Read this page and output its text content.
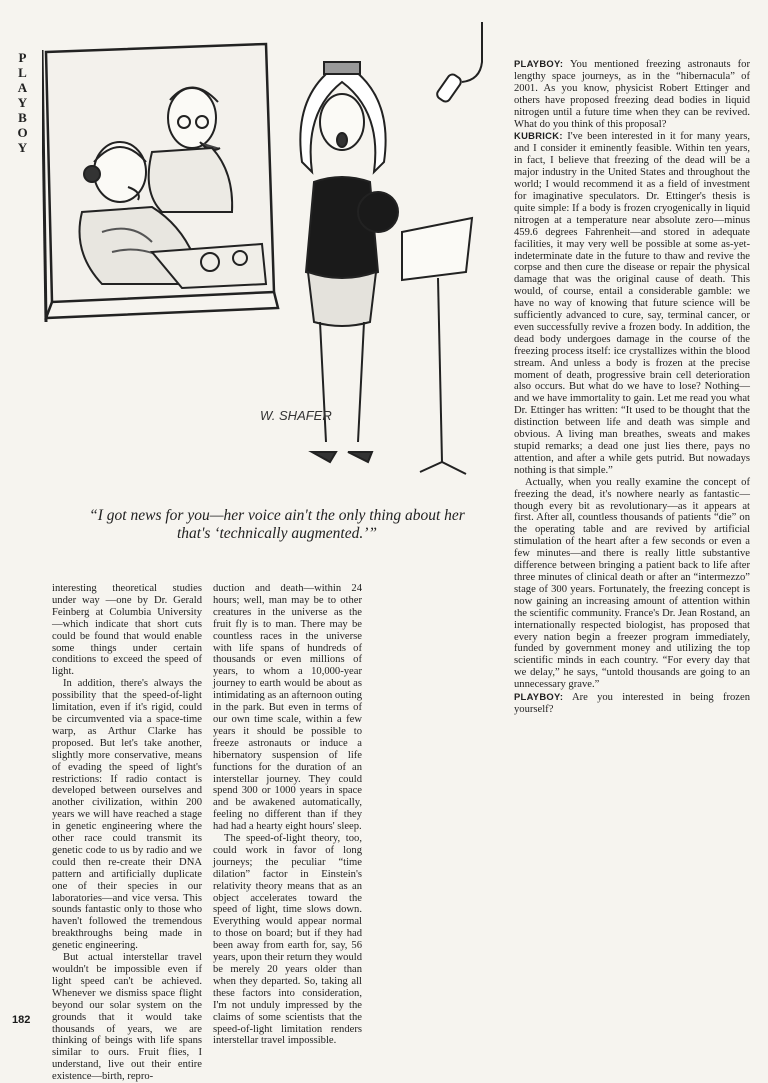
PLAYBOY
W. SHAFER
“I got news for you—her voice ain't the only thing about her that's ‘technically augmented.’”

interesting theoretical studies under way —one by Dr. Gerald Feinberg at Columbia University—which indicate that short cuts could be found that would enable some things under certain conditions to exceed the speed of light.

In addition, there's always the possibility that the speed-of-light limitation, even if it's rigid, could be circumvented via a space-time warp, as Arthur Clarke has proposed. But let's take another, slightly more conservative, means of evading the speed of light's restrictions: If radio contact is developed between ourselves and another civilization, within 200 years we will have reached a stage in genetic engineering where the other race could transmit its genetic code to us by radio and we could then re-create their DNA pattern and artificially duplicate one of their species in our laboratories—and vice versa. This sounds fantastic only to those who haven't followed the tremendous breakthroughs being made in genetic engineering.

But actual interstellar travel wouldn't be impossible even if light speed can't be achieved. Whenever we dismiss space flight beyond our solar system on the grounds that it would take thousands of years, we are thinking of beings with life spans similar to ours. Fruit flies, I understand, live out their entire existence—birth, repro-

duction and death—within 24 hours; well, man may be to other creatures in the universe as the fruit fly is to man. There may be countless races in the universe with life spans of hundreds of thousands or even millions of years, to whom a 10,000-year journey to earth would be about as intimidating as an afternoon outing in the park. But even in terms of our own time scale, within a few years it should be possible to freeze astronauts or induce a hibernatory suspension of life functions for the duration of an interstellar journey. They could spend 300 or 1000 years in space and be awakened automatically, feeling no different than if they had had a hearty eight hours' sleep.

The speed-of-light theory, too, could work in favor of long journeys; the peculiar “time dilation” factor in Einstein's relativity theory means that as an object accelerates toward the speed of light, time slows down. Everything would appear normal to those on board; but if they had been away from earth for, say, 56 years, upon their return they would be merely 20 years older than when they departed. So, taking all these factors into consideration, I'm not unduly impressed by the claims of some scientists that the speed-of-light limitation renders interstellar travel impossible.

PLAYBOY: You mentioned freezing astronauts for lengthy space journeys, as in the “hibernacula” of 2001. As you know, physicist Robert Ettinger and others have proposed freezing dead bodies in liquid nitrogen until a future time when they can be revived. What do you think of this proposal?

KUBRICK: I've been interested in it for many years, and I consider it eminently feasible. Within ten years, in fact, I believe that freezing of the dead will be a major industry in the United States and throughout the world; I would recommend it as a field of investment for imaginative speculators. Dr. Ettinger's thesis is quite simple: If a body is frozen cryogenically in liquid nitrogen at a temperature near absolute zero—minus 459.6 degrees Fahrenheit—and stored in adequate facilities, it may very well be possible at some as-yet-indeterminate date in the future to thaw and revive the corpse and then cure the disease or repair the physical damage that was the original cause of death. This would, of course, entail a considerable gamble: we have no way of knowing that future science will be sufficiently advanced to cure, say, terminal cancer, or even successfully revive a frozen body. In addition, the dead body undergoes damage in the course of the freezing process itself: ice crystallizes within the blood stream. And unless a body is frozen at the precise moment of death, progressive brain cell deterioration also occurs. But what do we have to lose? Nothing—and we have immortality to gain. Let me read you what Dr. Ettinger has written: “It used to be thought that the distinction between life and death was simple and obvious. A living man breathes, sweats and makes stupid remarks; a dead one just lies there, pays no attention, and after a while gets putrid. But nowadays nothing is that simple.”

Actually, when you really examine the concept of freezing the dead, it's nowhere nearly as fantastic—though every bit as revolutionary—as it appears at first. After all, countless thousands of patients “die” on the operating table and are revived by artificial stimulation of the heart after a few seconds or even a few minutes—and there is really little substantive difference between bringing a patient back to life after three minutes of clinical death or after an “intermezzo” stage of 300 years. Fortunately, the freezing concept is now gaining an increasing amount of attention within the scientific community. France's Dr. Jean Rostand, an internationally respected biologist, has proposed that every nation begin a freezer program immediately, funded by government money and utilizing the top scientific minds in each country. “For every day that we delay,” he says, “untold thousands are going to an unnecessary grave.”

PLAYBOY: Are you interested in being frozen yourself?

182
